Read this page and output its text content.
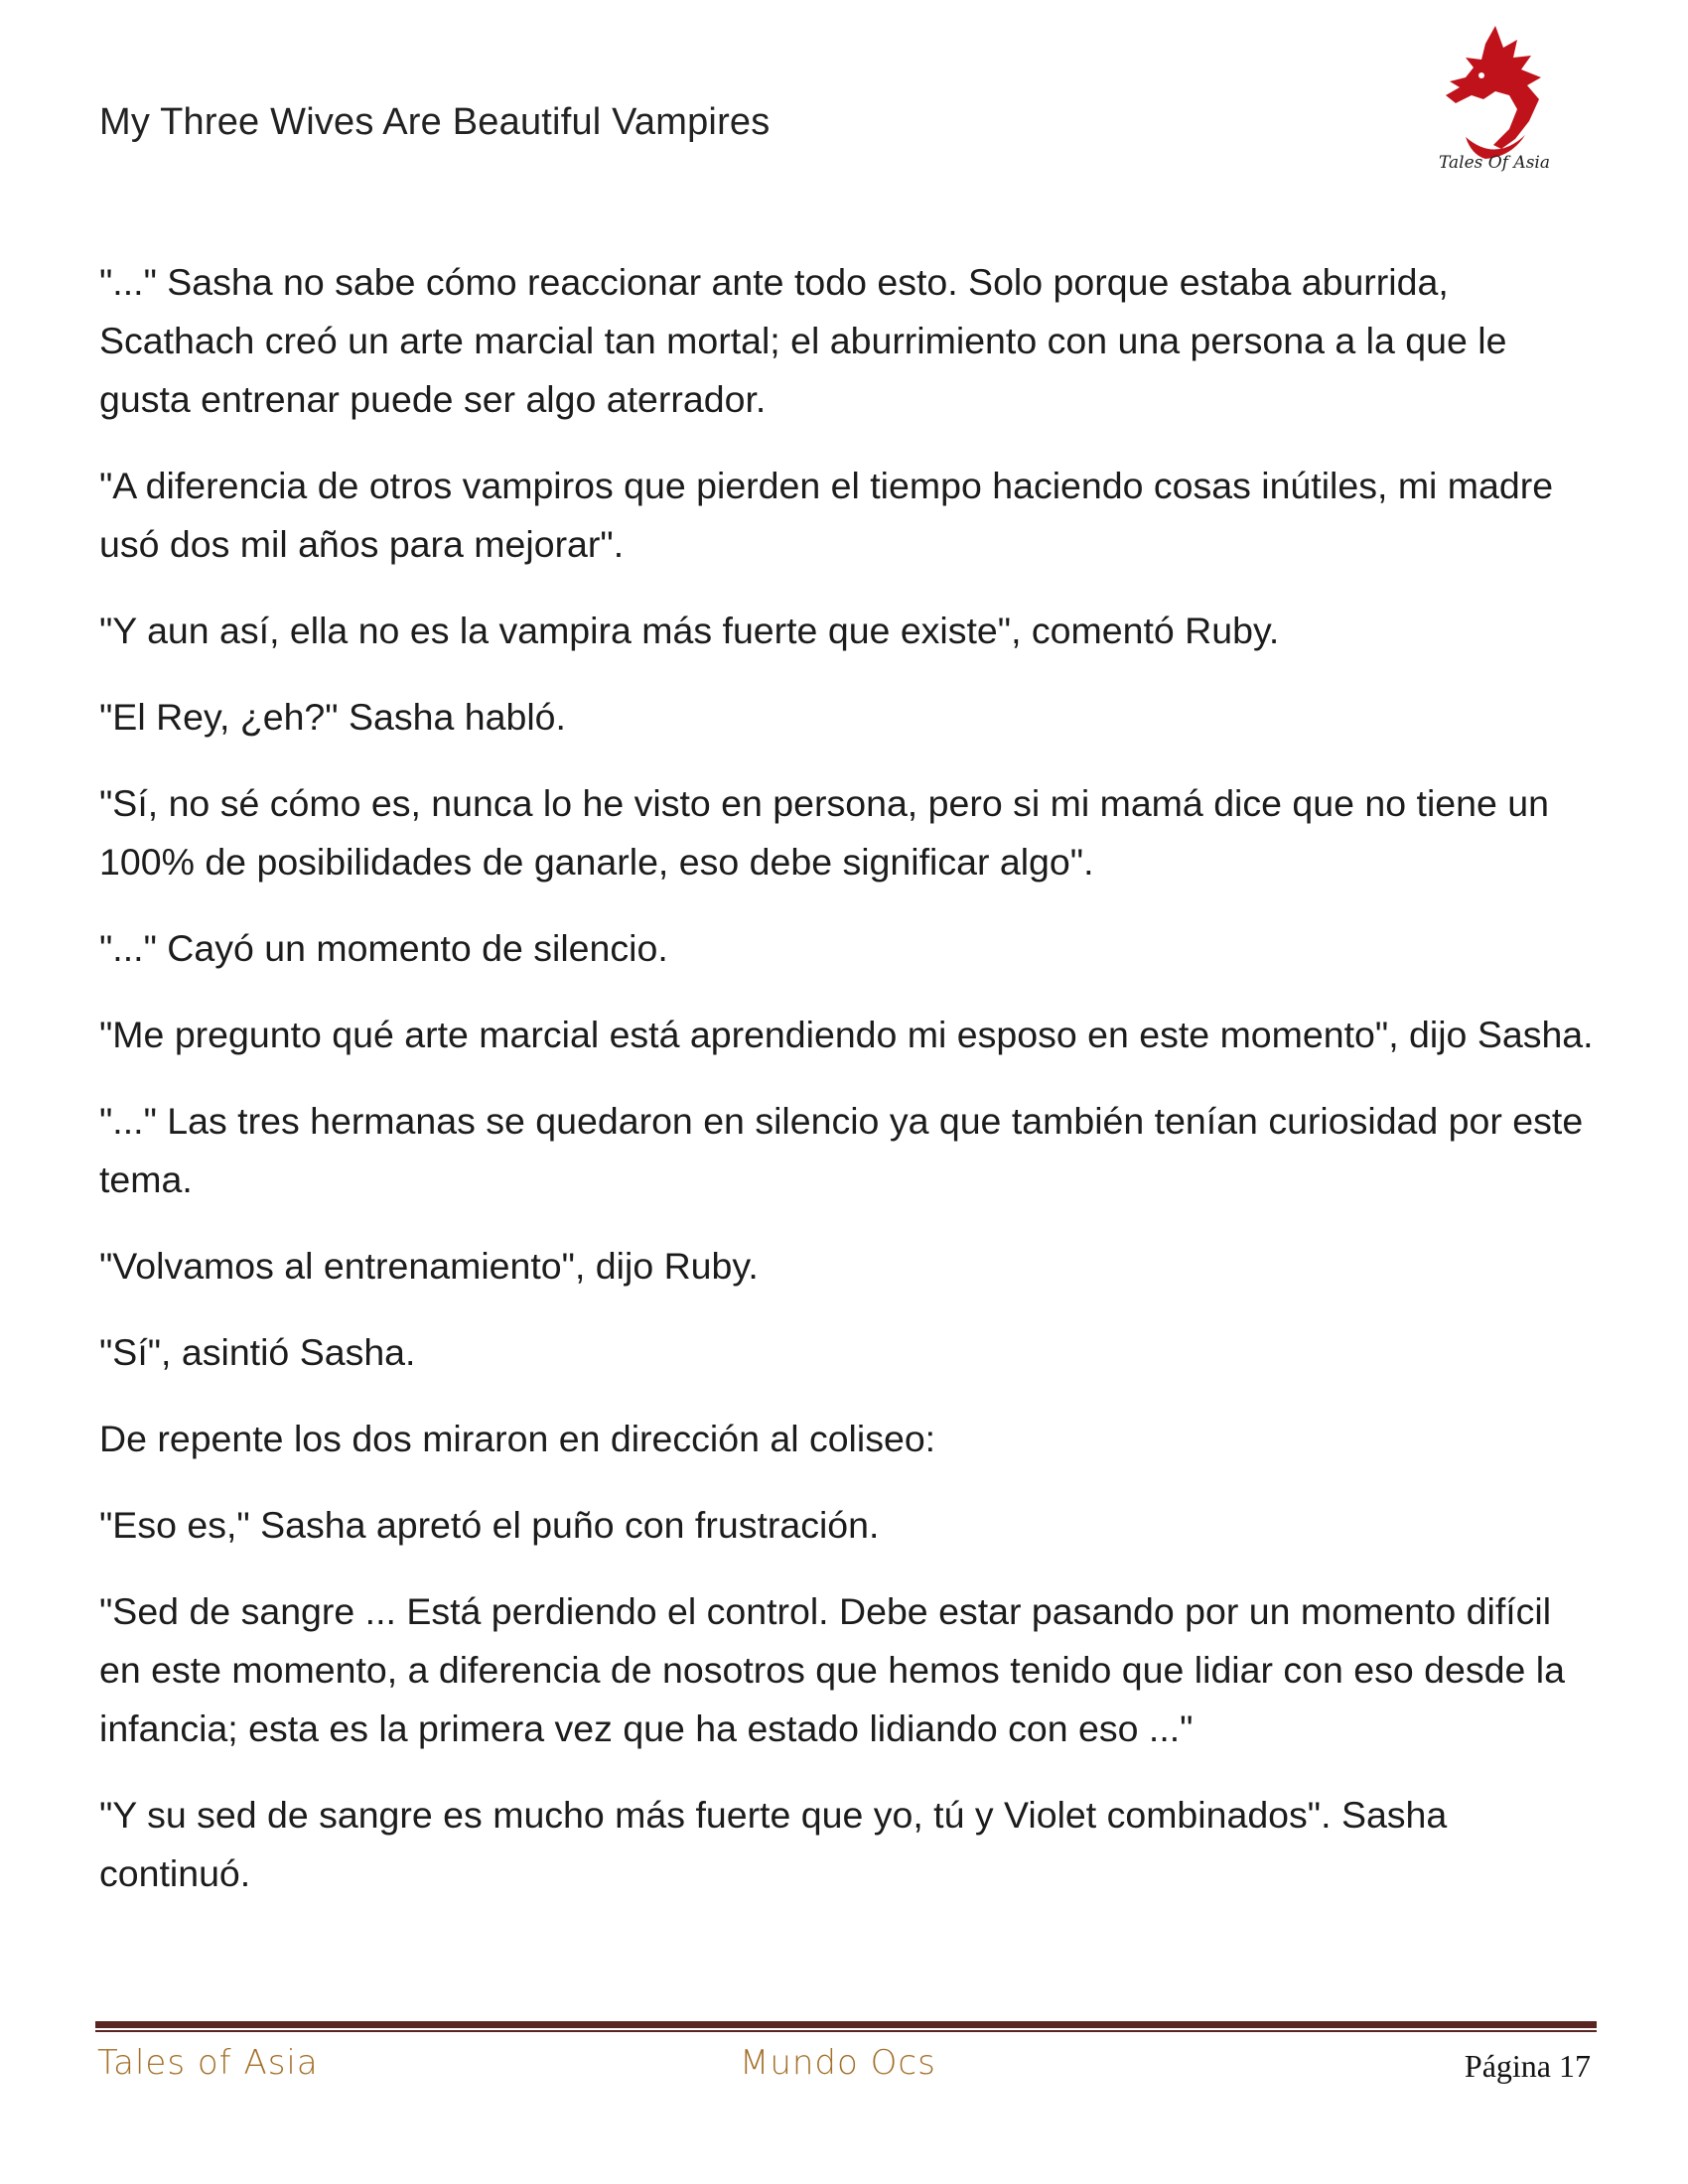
My Three Wives Are Beautiful Vampires
Tales Of Asia

"..." Sasha no sabe cómo reaccionar ante todo esto. Solo porque estaba aburrida, Scathach creó un arte marcial tan mortal; el aburrimiento con una persona a la que le gusta entrenar puede ser algo aterrador.

"A diferencia de otros vampiros que pierden el tiempo haciendo cosas inútiles, mi madre usó dos mil años para mejorar".

"Y aun así, ella no es la vampira más fuerte que existe", comentó Ruby.

"El Rey, ¿eh?" Sasha habló.

"Sí, no sé cómo es, nunca lo he visto en persona, pero si mi mamá dice que no tiene un 100% de posibilidades de ganarle, eso debe significar algo".

"..." Cayó un momento de silencio.

"Me pregunto qué arte marcial está aprendiendo mi esposo en este momento", dijo Sasha.

"..." Las tres hermanas se quedaron en silencio ya que también tenían curiosidad por este tema.

"Volvamos al entrenamiento", dijo Ruby.

"Sí", asintió Sasha.

De repente los dos miraron en dirección al coliseo:

"Eso es," Sasha apretó el puño con frustración.

"Sed de sangre ... Está perdiendo el control. Debe estar pasando por un momento difícil en este momento, a diferencia de nosotros que hemos tenido que lidiar con eso desde la infancia; esta es la primera vez que ha estado lidiando con eso ..."

"Y su sed de sangre es mucho más fuerte que yo, tú y Violet combinados". Sasha continuó.

Tales of Asia	Mundo Ocs	Página 17
